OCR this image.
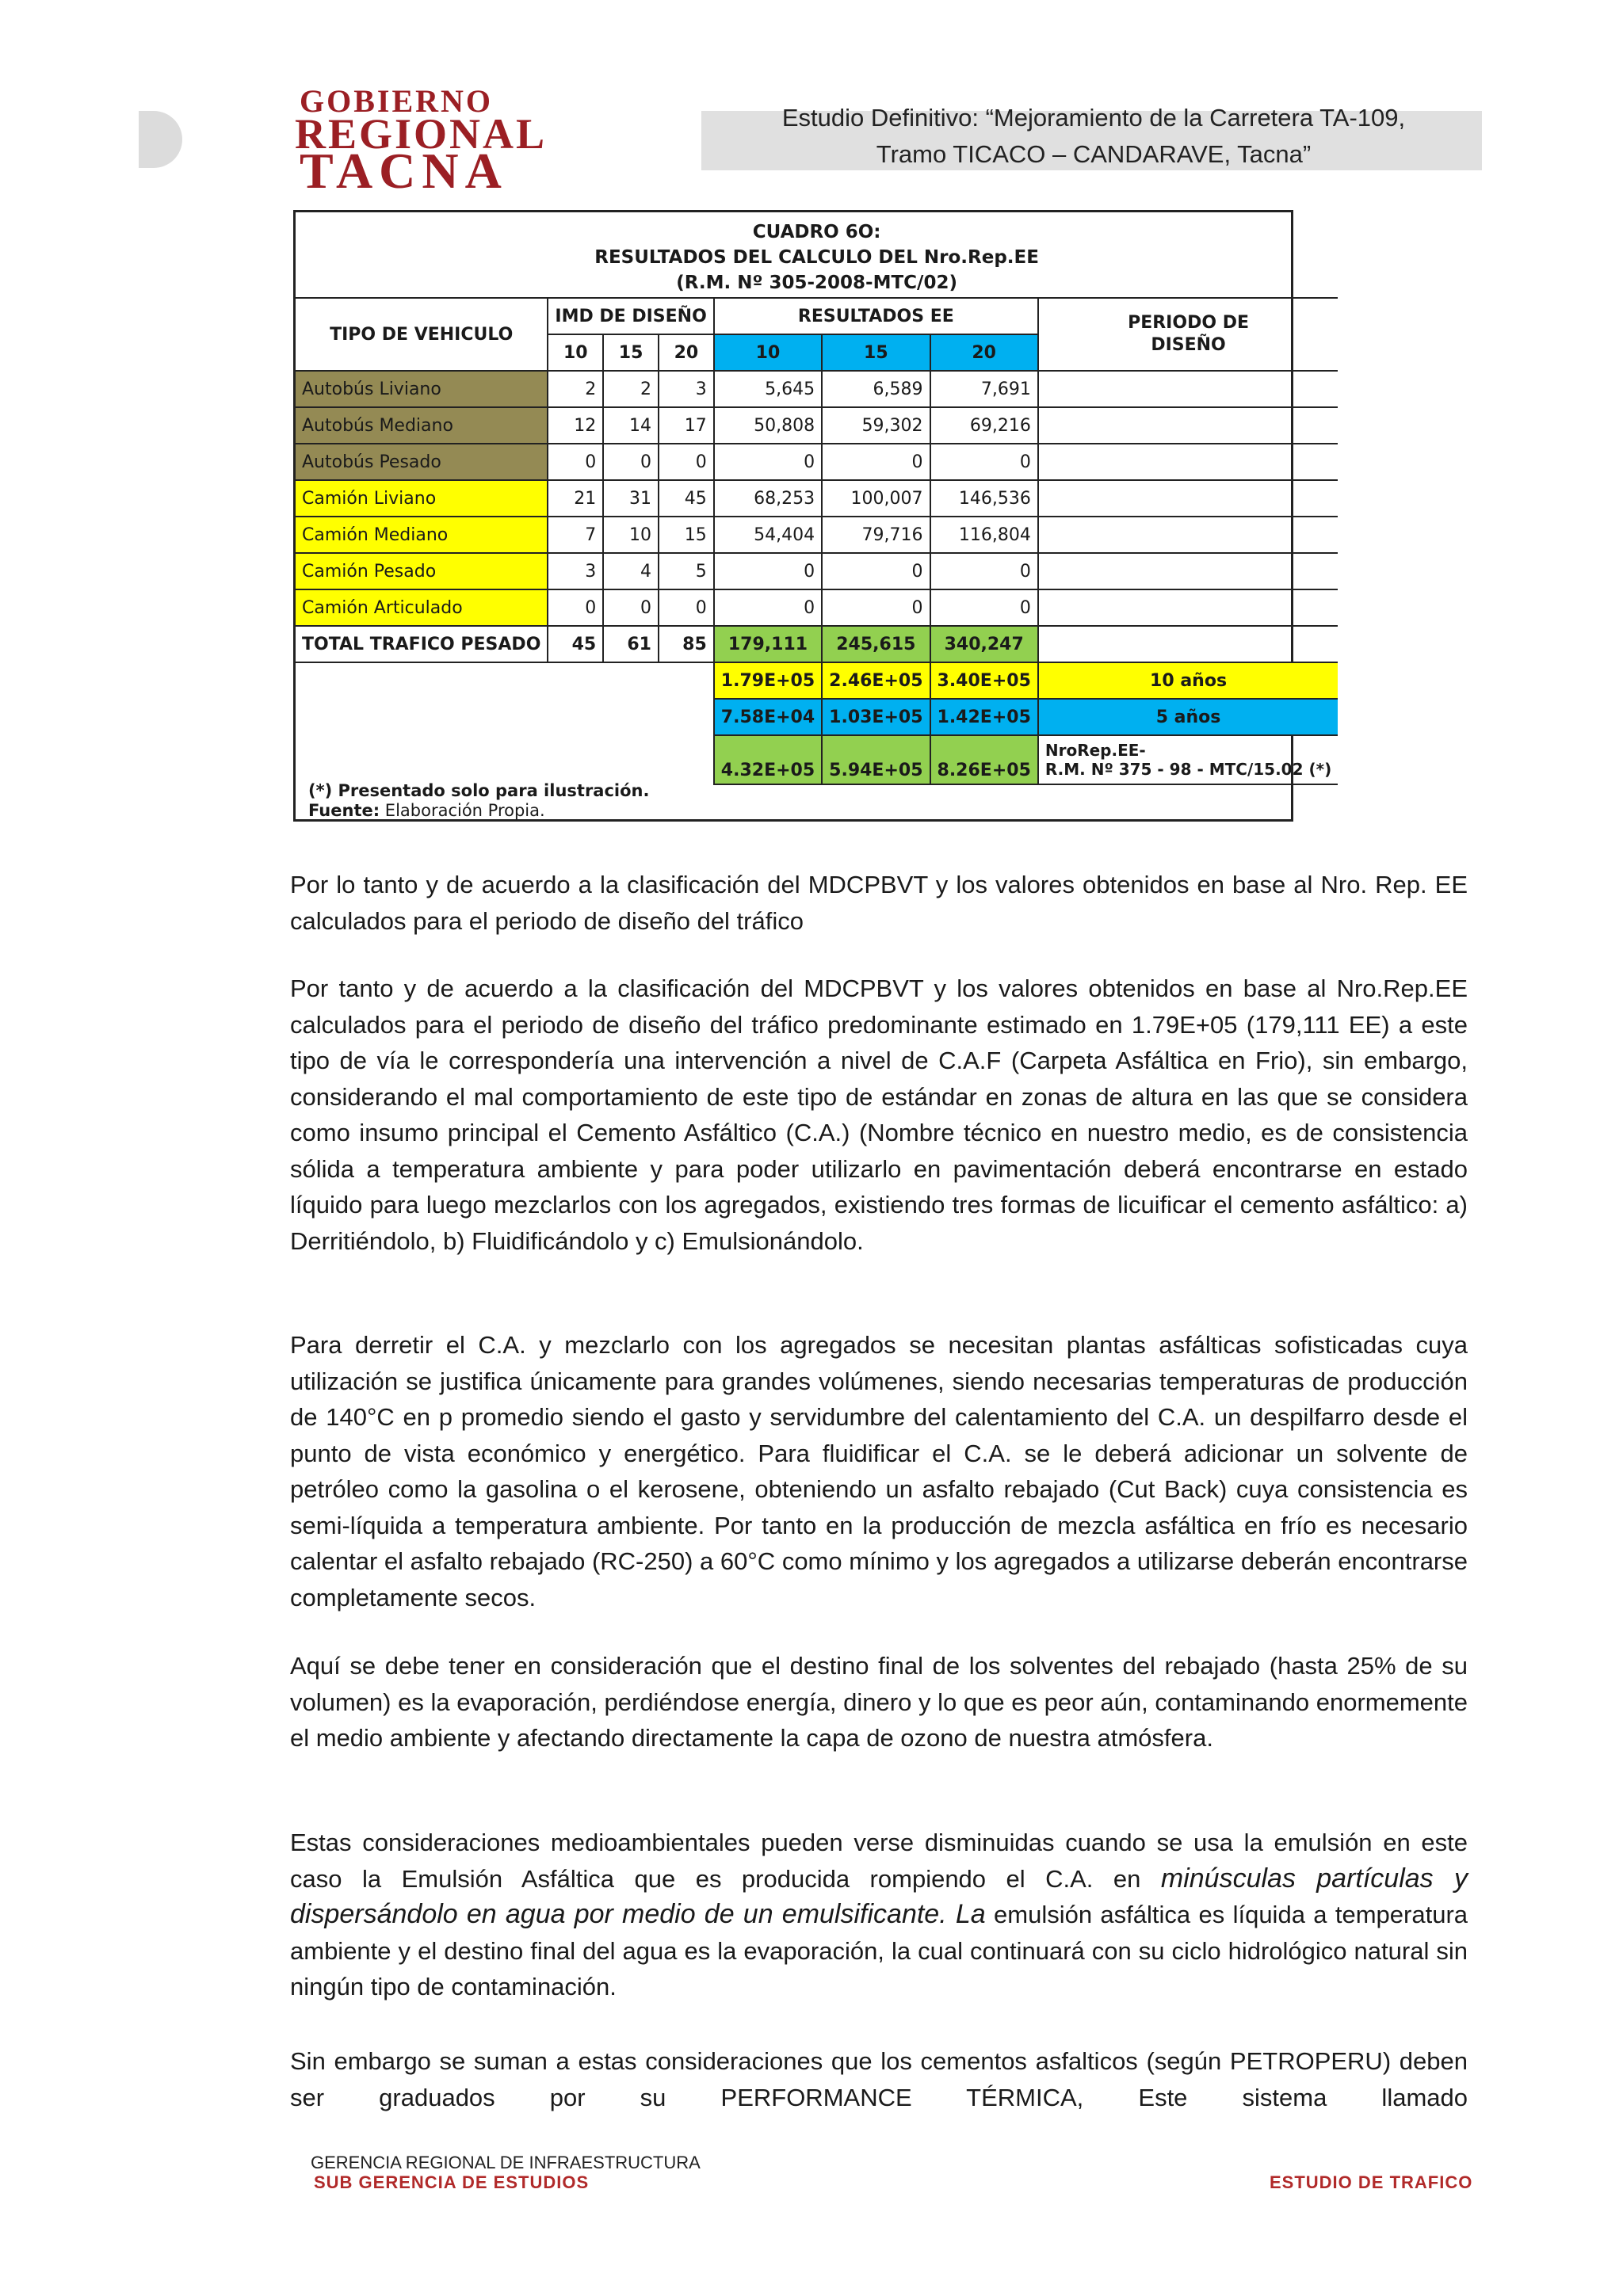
GOBIERNO
REGIONAL
TACNA
Estudio Definitivo: “Mejoramiento de la Carretera TA-109,
Tramo TICACO – CANDARAVE, Tacna”
CUADRO 6O:
RESULTADOS DEL CALCULO DEL Nro.Rep.EE
(R.M. Nº 305-2008-MTC/02)							

TIPO DE VEHICULO	IMD DE DISEÑO			RESULTADOS EE			PERIODO DE DISEÑO
	10	15	20	10	15	20	
Autobús Liviano	2	2	3	5,645	6,589	7,691	
Autobús Mediano	12	14	17	50,808	59,302	69,216	
Autobús Pesado	0	0	0	0	0	0	
Camión Liviano	21	31	45	68,253	100,007	146,536	
Camión Mediano	7	10	15	54,404	79,716	116,804	
Camión Pesado	3	4	5	0	0	0	
Camión Articulado	0	0	0	0	0	0	
TOTAL TRAFICO PESADO	45	61	85	179,111	245,615	340,247	
				1.79E+05	2.46E+05	3.40E+05	10 años
				7.58E+04	1.03E+05	1.42E+05	5 años
				4.32E+05	5.94E+05	8.26E+05	NroRep.EE-
R.M. Nº 375 - 98 - MTC/15.02 (*)
(*) Presentado solo para ilustración.
Fuente: Elaboración Propia.
Por lo tanto y de acuerdo a la clasificación del MDCPBVT y los valores obtenidos en base al Nro. Rep. EE calculados para el periodo de diseño del tráfico
Por tanto y de acuerdo a la clasificación del MDCPBVT y los valores obtenidos en base al Nro.Rep.EE calculados para el periodo de diseño del tráfico predominante estimado en 1.79E+05 (179,111 EE) a este tipo de vía le correspondería una intervención a nivel de C.A.F (Carpeta Asfáltica en Frio), sin embargo, considerando el mal comportamiento de este tipo de estándar en zonas de altura en las que se considera como insumo principal el Cemento Asfáltico (C.A.) (Nombre técnico en nuestro medio, es de consistencia sólida a temperatura ambiente y para poder utilizarlo en pavimentación deberá encontrarse en estado líquido para luego mezclarlos con los agregados, existiendo tres formas de licuificar el cemento asfáltico: a) Derritiéndolo, b) Fluidificándolo y c) Emulsionándolo.
Para derretir el C.A. y mezclarlo con los agregados se necesitan plantas asfálticas sofisticadas cuya utilización se justifica únicamente para grandes volúmenes, siendo necesarias temperaturas de producción de 140°C en p promedio siendo el gasto y servidumbre del calentamiento del C.A. un despilfarro desde el punto de vista económico y energético. Para fluidificar el C.A. se le deberá adicionar un solvente de petróleo como la gasolina o el kerosene, obteniendo un asfalto rebajado (Cut Back) cuya consistencia es semi-líquida a temperatura ambiente. Por tanto en la producción de mezcla asfáltica en frío es necesario calentar el asfalto rebajado (RC-250) a 60°C como mínimo y los agregados a utilizarse deberán encontrarse completamente secos.
Aquí se debe tener en consideración que el destino final de los solventes del rebajado (hasta 25% de su volumen) es la evaporación, perdiéndose energía, dinero y lo que es peor aún, contaminando enormemente el medio ambiente y afectando directamente la capa de ozono de nuestra atmósfera.
Estas consideraciones medioambientales pueden verse disminuidas cuando se usa la emulsión en este caso la Emulsión Asfáltica que es producida rompiendo el C.A. en minúsculas partículas y dispersándolo en agua por medio de un emulsificante. La emulsión asfáltica es líquida a temperatura ambiente y el destino final del agua es la evaporación, la cual continuará con su ciclo hidrológico natural sin ningún tipo de contaminación.
Sin embargo se suman a estas consideraciones que los cementos asfalticos (según PETROPERU) deben ser graduados por su PERFORMANCE TÉRMICA, Este sistema llamado
GERENCIA REGIONAL DE INFRAESTRUCTURA
SUB GERENCIA DE ESTUDIOS	ESTUDIO DE TRAFICO
